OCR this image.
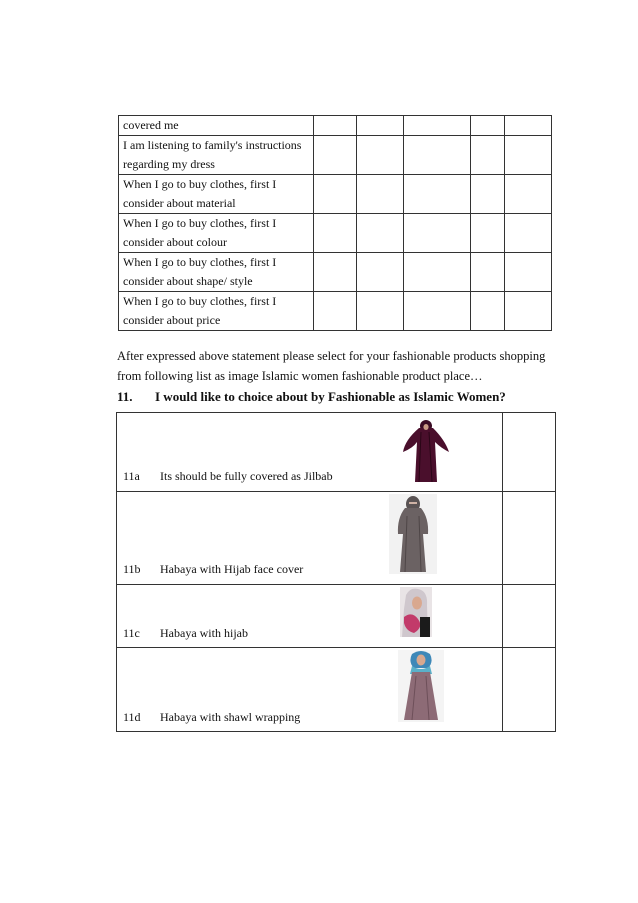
covered me					
I am listening to family's instructions regarding my dress					
When I go to buy clothes, first I consider about material					
When I go to buy clothes, first I consider about colour					
When I go to buy clothes, first I consider about shape/ style					
When I go to buy clothes, first I consider about price					
After expressed above statement please select for your fashionable products shopping from following list as image Islamic women fashionable product place…
11. I would like to choice about by Fashionable as Islamic Women?
11a Its should be fully covered as Jilbab	

11b Habaya with Hijab face cover	

11c Habaya with hijab	

11d Habaya with shawl wrapping	
